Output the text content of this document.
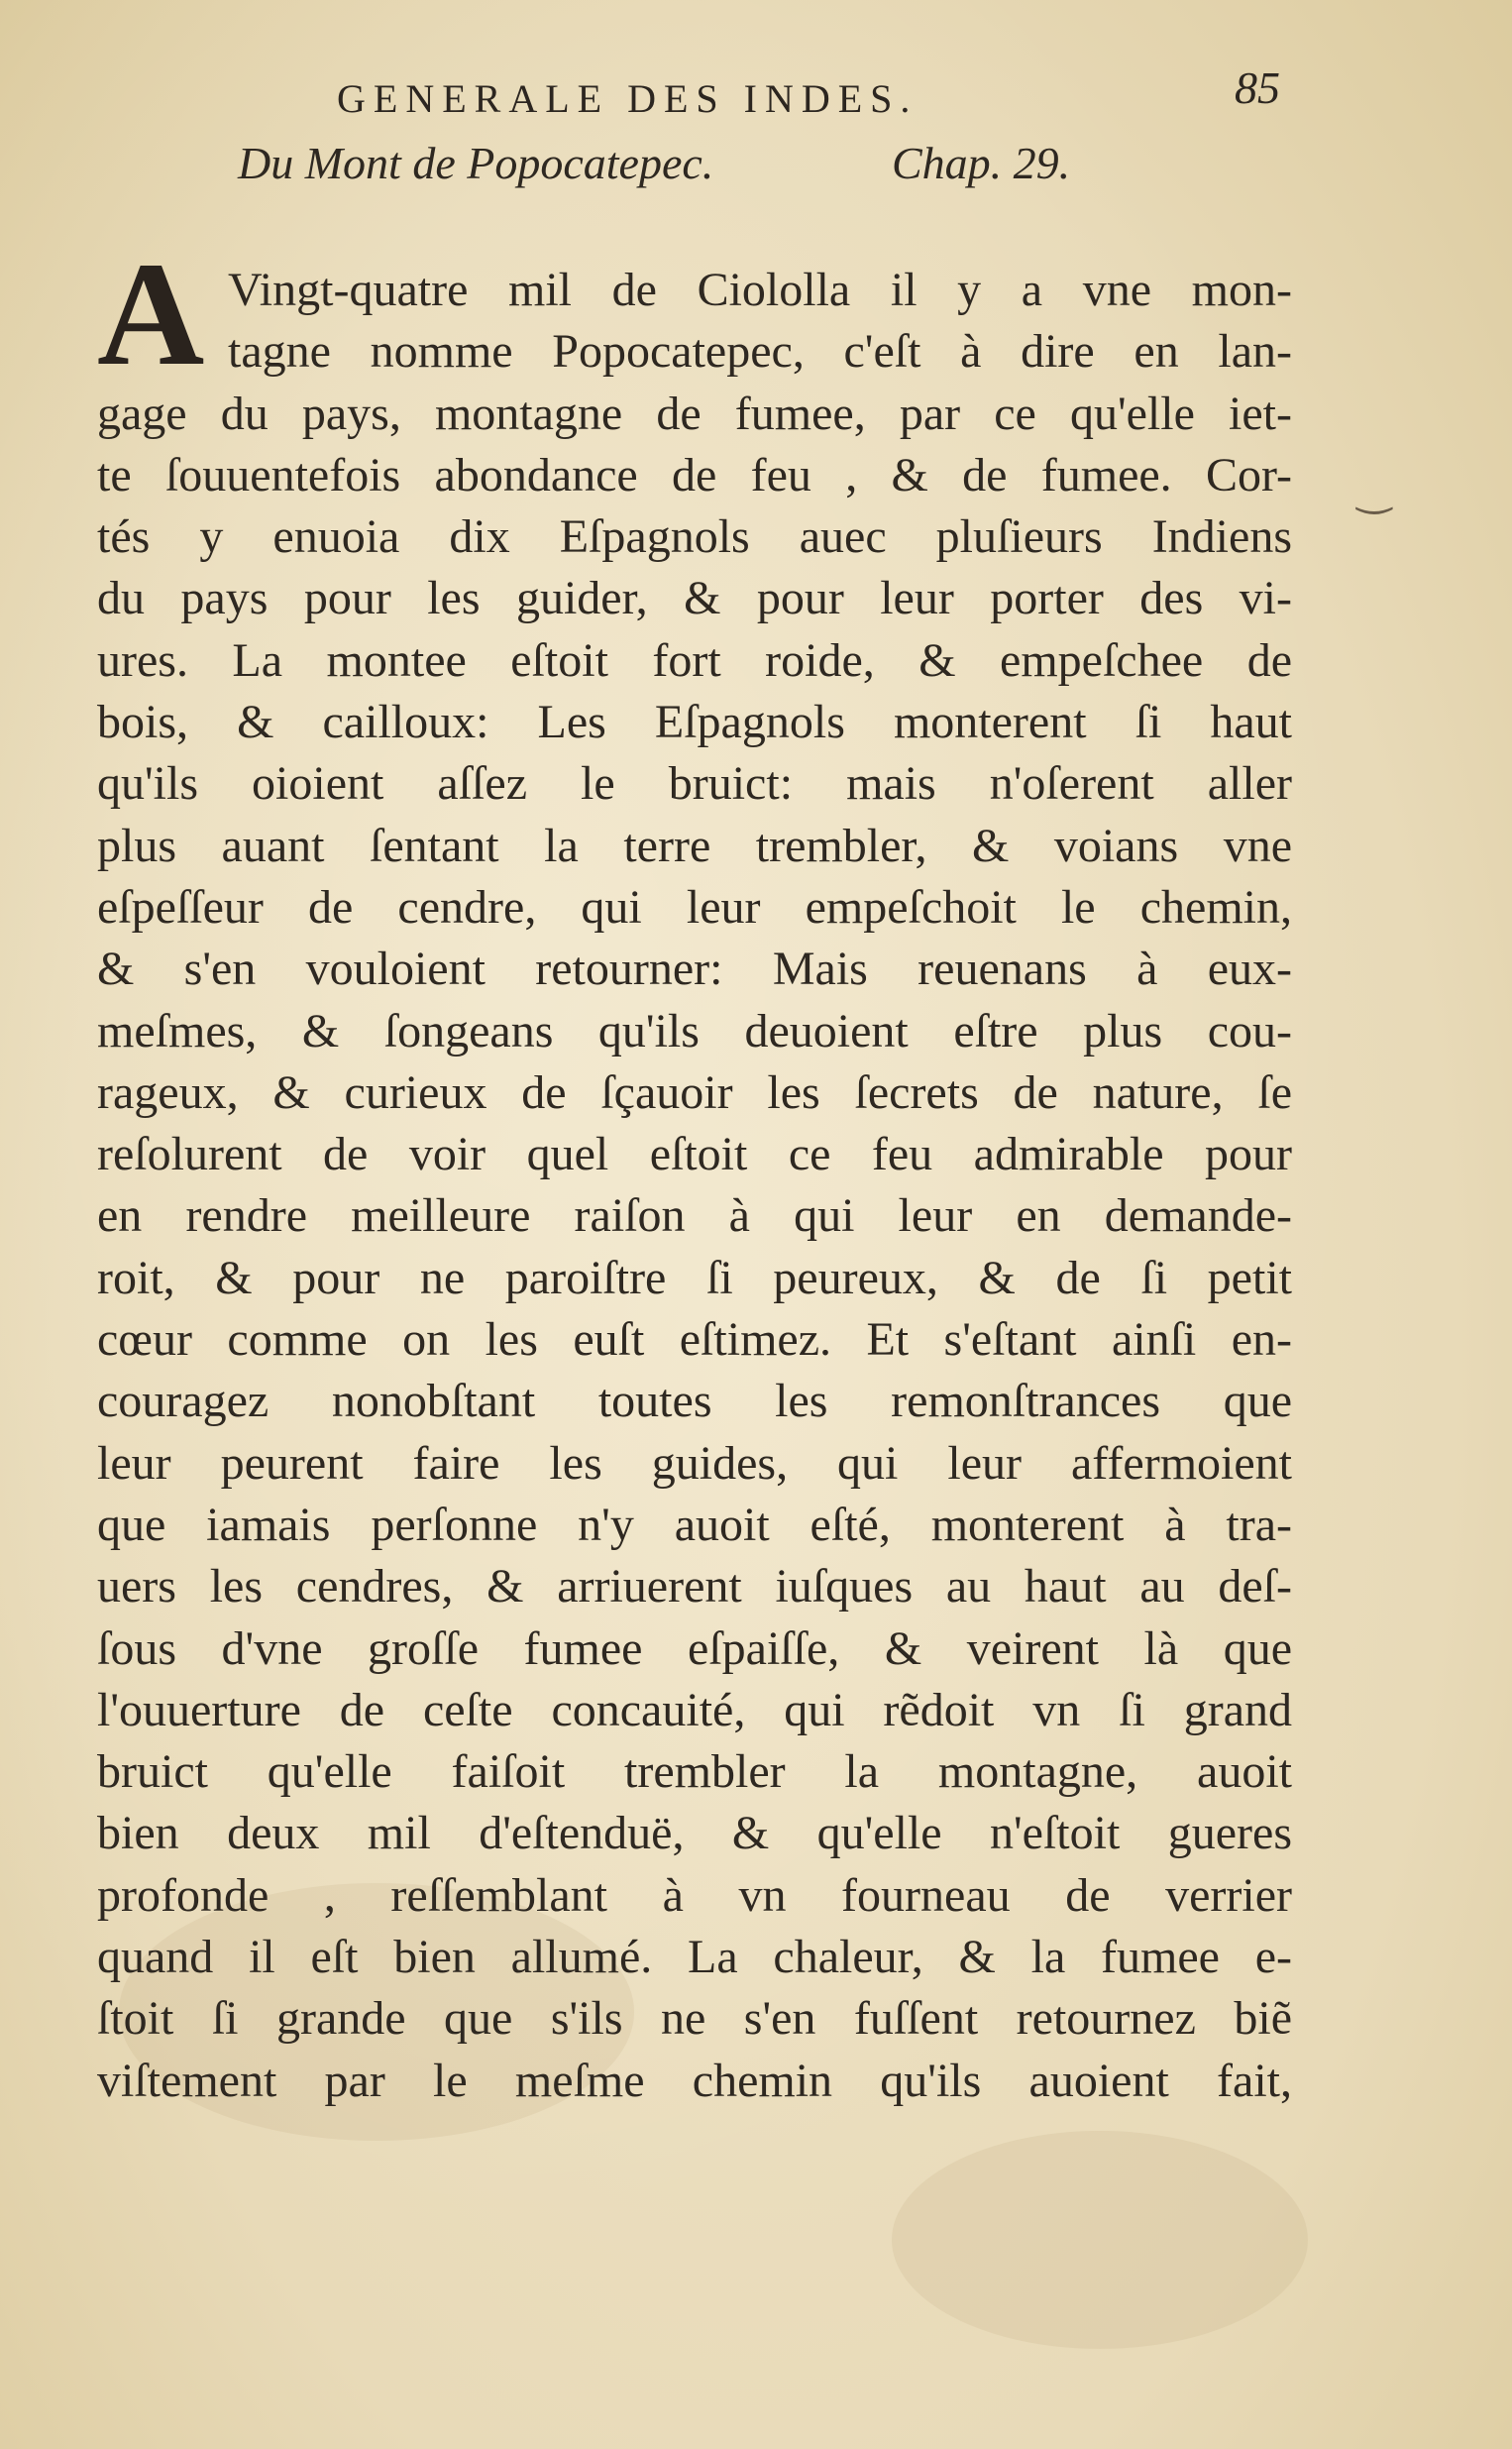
GENERALE DES INDES.	85
Du Mont de Popocatepec.	Chap. 29.
A Vingt-quatre mil de Ciololla il y a vne mon-
tagne nomme Popocatepec, c'eſt à dire en lan-
gage du pays, montagne de fumee, par ce qu'elle iet-
te ſouuentefois abondance de feu , & de fumee. Cor-
tés y enuoia dix Eſpagnols auec pluſieurs Indiens
du pays pour les guider, & pour leur porter des vi-
ures. La montee eſtoit fort roide, & empeſchee de
bois, & cailloux: Les Eſpagnols monterent ſi haut
qu'ils oioient aſſez le bruict: mais n'oſerent aller
plus auant ſentant la terre trembler, & voians vne
eſpeſſeur de cendre, qui leur empeſchoit le chemin,
& s'en vouloient retourner: Mais reuenans à eux-
meſmes, & ſongeans qu'ils deuoient eſtre plus cou-
rageux, & curieux de ſçauoir les ſecrets de nature, ſe
reſolurent de voir quel eſtoit ce feu admirable pour
en rendre meilleure raiſon à qui leur en demande-
roit, & pour ne paroiſtre ſi peureux, & de ſi petit
cœur comme on les euſt eſtimez. Et s'eſtant ainſi en-
couragez nonobſtant toutes les remonſtrances que
leur peurent faire les guides, qui leur affermoient
que iamais perſonne n'y auoit eſté, monterent à tra-
uers les cendres, & arriuerent iuſques au haut au deſ-
ſous d'vne groſſe fumee eſpaiſſe, & veirent là que
l'ouuerture de ceſte concauité, qui rẽdoit vn ſi grand
bruict qu'elle faiſoit trembler la montagne, auoit
bien deux mil d'eſtenduë, & qu'elle n'eſtoit gueres
profonde , reſſemblant à vn fourneau de verrier
quand il eſt bien allumé. La chaleur, & la fumee e-
ſtoit ſi grande que s'ils ne s'en fuſſent retournez biẽ
viſtement par le meſme chemin qu'ils auoient fait,
‿
